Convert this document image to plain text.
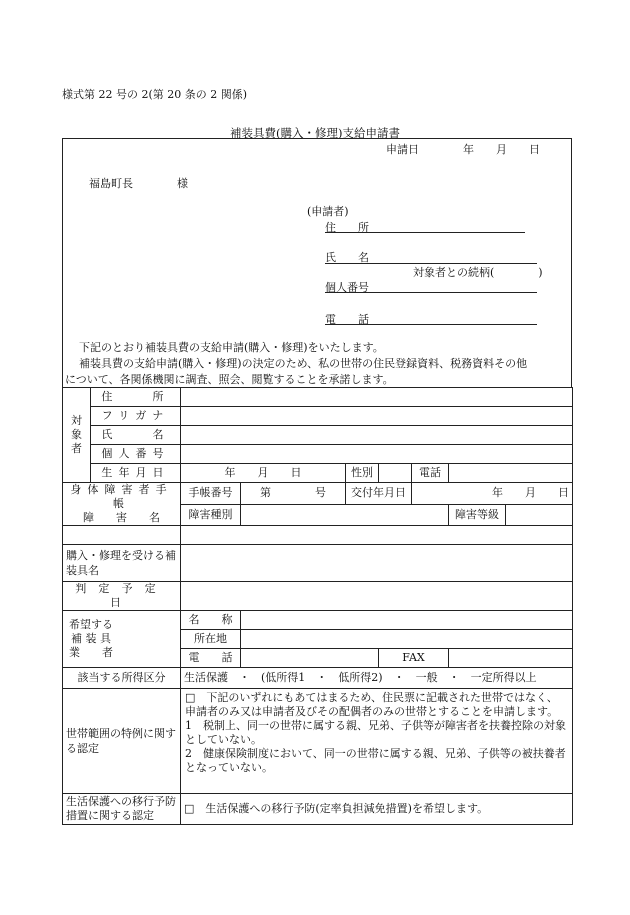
様式第 22 号の 2(第 20 条の 2 関係)
補装具費(購入・修理)支給申請書
申請日　　　　年　　月　　日
福島町長　　　　様
(申請者)
住　　所
氏　　名
対象者との続柄(　　　　)
個人番号
電　　話
下記のとおり補装具費の支給申請(購入・修理)をいたします。
補装具費の支給申請(購入・修理)の決定のため、私の世帯の住民登録資料、税務資料その他
について、各関係機関に調査、照会、閲覧することを承諾します。
対
象
者	住　　所							
	フリガナ							
	氏　　名							
	個人番号							
	生年月日	年　　月　　日		性別		電話		

身体障害者手帳
障　　害　　名		手帳番号	第　　　　号	交付年月日		年　　月　　日		
		障害種別					障害等級	

購入・修理を受ける補装具名								
判定予定日								

希望する
補 装 具
業　　者		名　　称						
		所在地						
		電　　話			FAX			
該当する所得区分		生活保護　・　(低所得1　・　低所得2)　・　一般　・　一定所得以上						
世帯範囲の特例に関する認定		□　下記のいずれにもあてはまるため、住民票に記載された世帯ではなく、申請者のみ又は申請者及びその配偶者のみの世帯とすることを申請します。

1　税制上、同一の世帯に属する親、兄弟、子供等が障害者を扶養控除の対象としていない。

2　健康保険制度において、同一の世帯に属する親、兄弟、子供等の被扶養者となっていない。						

生活保護への移行予防措置に関する認定		□　生活保護への移行予防(定率負担減免措置)を希望します。						
